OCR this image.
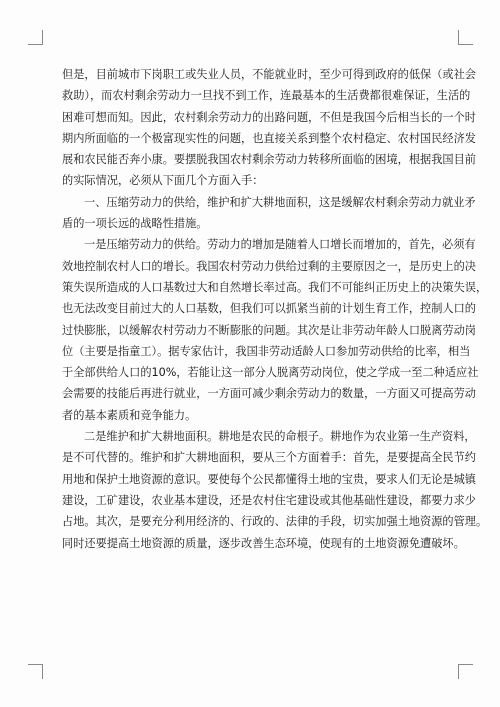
但是，目前城市下岗职工或失业人员，不能就业时，至少可得到政府的低保（或社会
救助），而农村剩余劳动力一旦找不到工作，连最基本的生活费都很难保证，生活的
困难可想而知。因此，农村剩余劳动力的出路问题，不但是我国今后相当长的一个时
期内所面临的一个极富现实性的问题，也直接关系到整个农村稳定、农村国民经济发
展和农民能否奔小康。要摆脱我国农村剩余劳动力转移所面临的困境，根据我国目前
的实际情况，必须从下面几个方面入手：
一、压缩劳动力的供给，维护和扩大耕地面积，这是缓解农村剩余劳动力就业矛
盾的一项长远的战略性措施。
一是压缩劳动力的供给。劳动力的增加是随着人口增长而增加的，首先，必须有
效地控制农村人口的增长。我国农村劳动力供给过剩的主要原因之一，是历史上的决
策失误所造成的人口基数过大和自然增长率过高。我们不可能纠正历史上的决策失误，
也无法改变目前过大的人口基数，但我们可以抓紧当前的计划生育工作，控制人口的
过快膨胀，以缓解农村劳动力不断膨胀的问题。其次是让非劳动年龄人口脱离劳动岗
位（主要是指童工）。据专家估计，我国非劳动适龄人口参加劳动供给的比率，相当
于全部供给人口的10%，若能让这一部分人脱离劳动岗位，使之学成一至二种适应社
会需要的技能后再进行就业，一方面可减少剩余劳动力的数量，一方面又可提高劳动
者的基本素质和竞争能力。
二是维护和扩大耕地面积。耕地是农民的命根子。耕地作为农业第一生产资料，
是不可代替的。维护和扩大耕地面积，要从三个方面着手：首先，是要提高全民节约
用地和保护土地资源的意识。要使每个公民都懂得土地的宝贵，要求人们无论是城镇
建设，工矿建设，农业基本建设，还是农村住宅建设或其他基础性建设，都要力求少
占地。其次，是要充分利用经济的、行政的、法律的手段，切实加强土地资源的管理。
同时还要提高土地资源的质量，逐步改善生态环境，使现有的土地资源免遭破坏。
